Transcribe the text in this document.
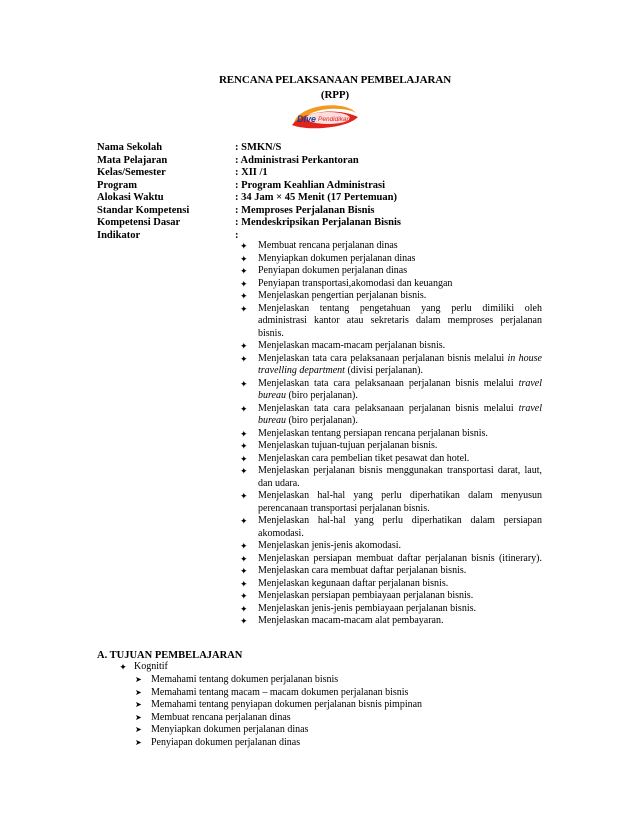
RENCANA PELAKSANAAN PEMBELAJARAN
(RPP)
Dive Pendidikan
Nama Sekolah	: SMKN/S
Mata Pelajaran	: Administrasi Perkantoran
Kelas/Semester	: XII /1
Program	: Program Keahlian Administrasi
Alokasi Waktu	: 34 Jam × 45 Menit (17 Pertemuan)
Standar Kompetensi	: Memproses Perjalanan Bisnis
Kompetensi Dasar	: Mendeskripsikan Perjalanan Bisnis
Indikator	:
✦ Membuat rencana perjalanan dinas
✦ Menyiapkan dokumen perjalanan dinas
✦ Penyiapan dokumen perjalanan dinas
✦ Penyiapan transportasi,akomodasi dan keuangan
✦ Menjelaskan pengertian perjalanan bisnis.
✦ Menjelaskan tentang pengetahuan yang perlu dimiliki oleh administrasi kantor atau sekretaris dalam memproses perjalanan bisnis.
✦ Menjelaskan macam-macam perjalanan bisnis.
✦ Menjelaskan tata cara pelaksanaan perjalanan bisnis melalui in house travelling department (divisi perjalanan).
✦ Menjelaskan tata cara pelaksanaan perjalanan bisnis melalui travel bureau (biro perjalanan).
✦ Menjelaskan tata cara pelaksanaan perjalanan bisnis melalui travel bureau (biro perjalanan).
✦ Menjelaskan tentang persiapan rencana perjalanan bisnis.
✦ Menjelaskan tujuan-tujuan perjalanan bisnis.
✦ Menjelaskan cara pembelian tiket pesawat dan hotel.
✦ Menjelaskan perjalanan bisnis menggunakan transportasi darat, laut, dan udara.
✦ Menjelaskan hal-hal yang perlu diperhatikan dalam menyusun perencanaan transportasi perjalanan bisnis.
✦ Menjelaskan hal-hal yang perlu diperhatikan dalam persiapan akomodasi.
✦ Menjelaskan jenis-jenis akomodasi.
✦ Menjelaskan persiapan membuat daftar perjalanan bisnis (itinerary).
✦ Menjelaskan cara membuat daftar perjalanan bisnis.
✦ Menjelaskan kegunaan daftar perjalanan bisnis.
✦ Menjelaskan persiapan pembiayaan perjalanan bisnis.
✦ Menjelaskan jenis-jenis pembiayaan perjalanan bisnis.
✦ Menjelaskan macam-macam alat pembayaran.
A. TUJUAN PEMBELAJARAN
✦ Kognitif
➤ Memahami tentang dokumen perjalanan bisnis
➤ Memahami tentang macam – macam dokumen perjalanan bisnis
➤ Memahami tentang penyiapan dokumen perjalanan bisnis pimpinan
➤ Membuat rencana perjalanan dinas
➤ Menyiapkan dokumen perjalanan dinas
➤ Penyiapan dokumen perjalanan dinas
